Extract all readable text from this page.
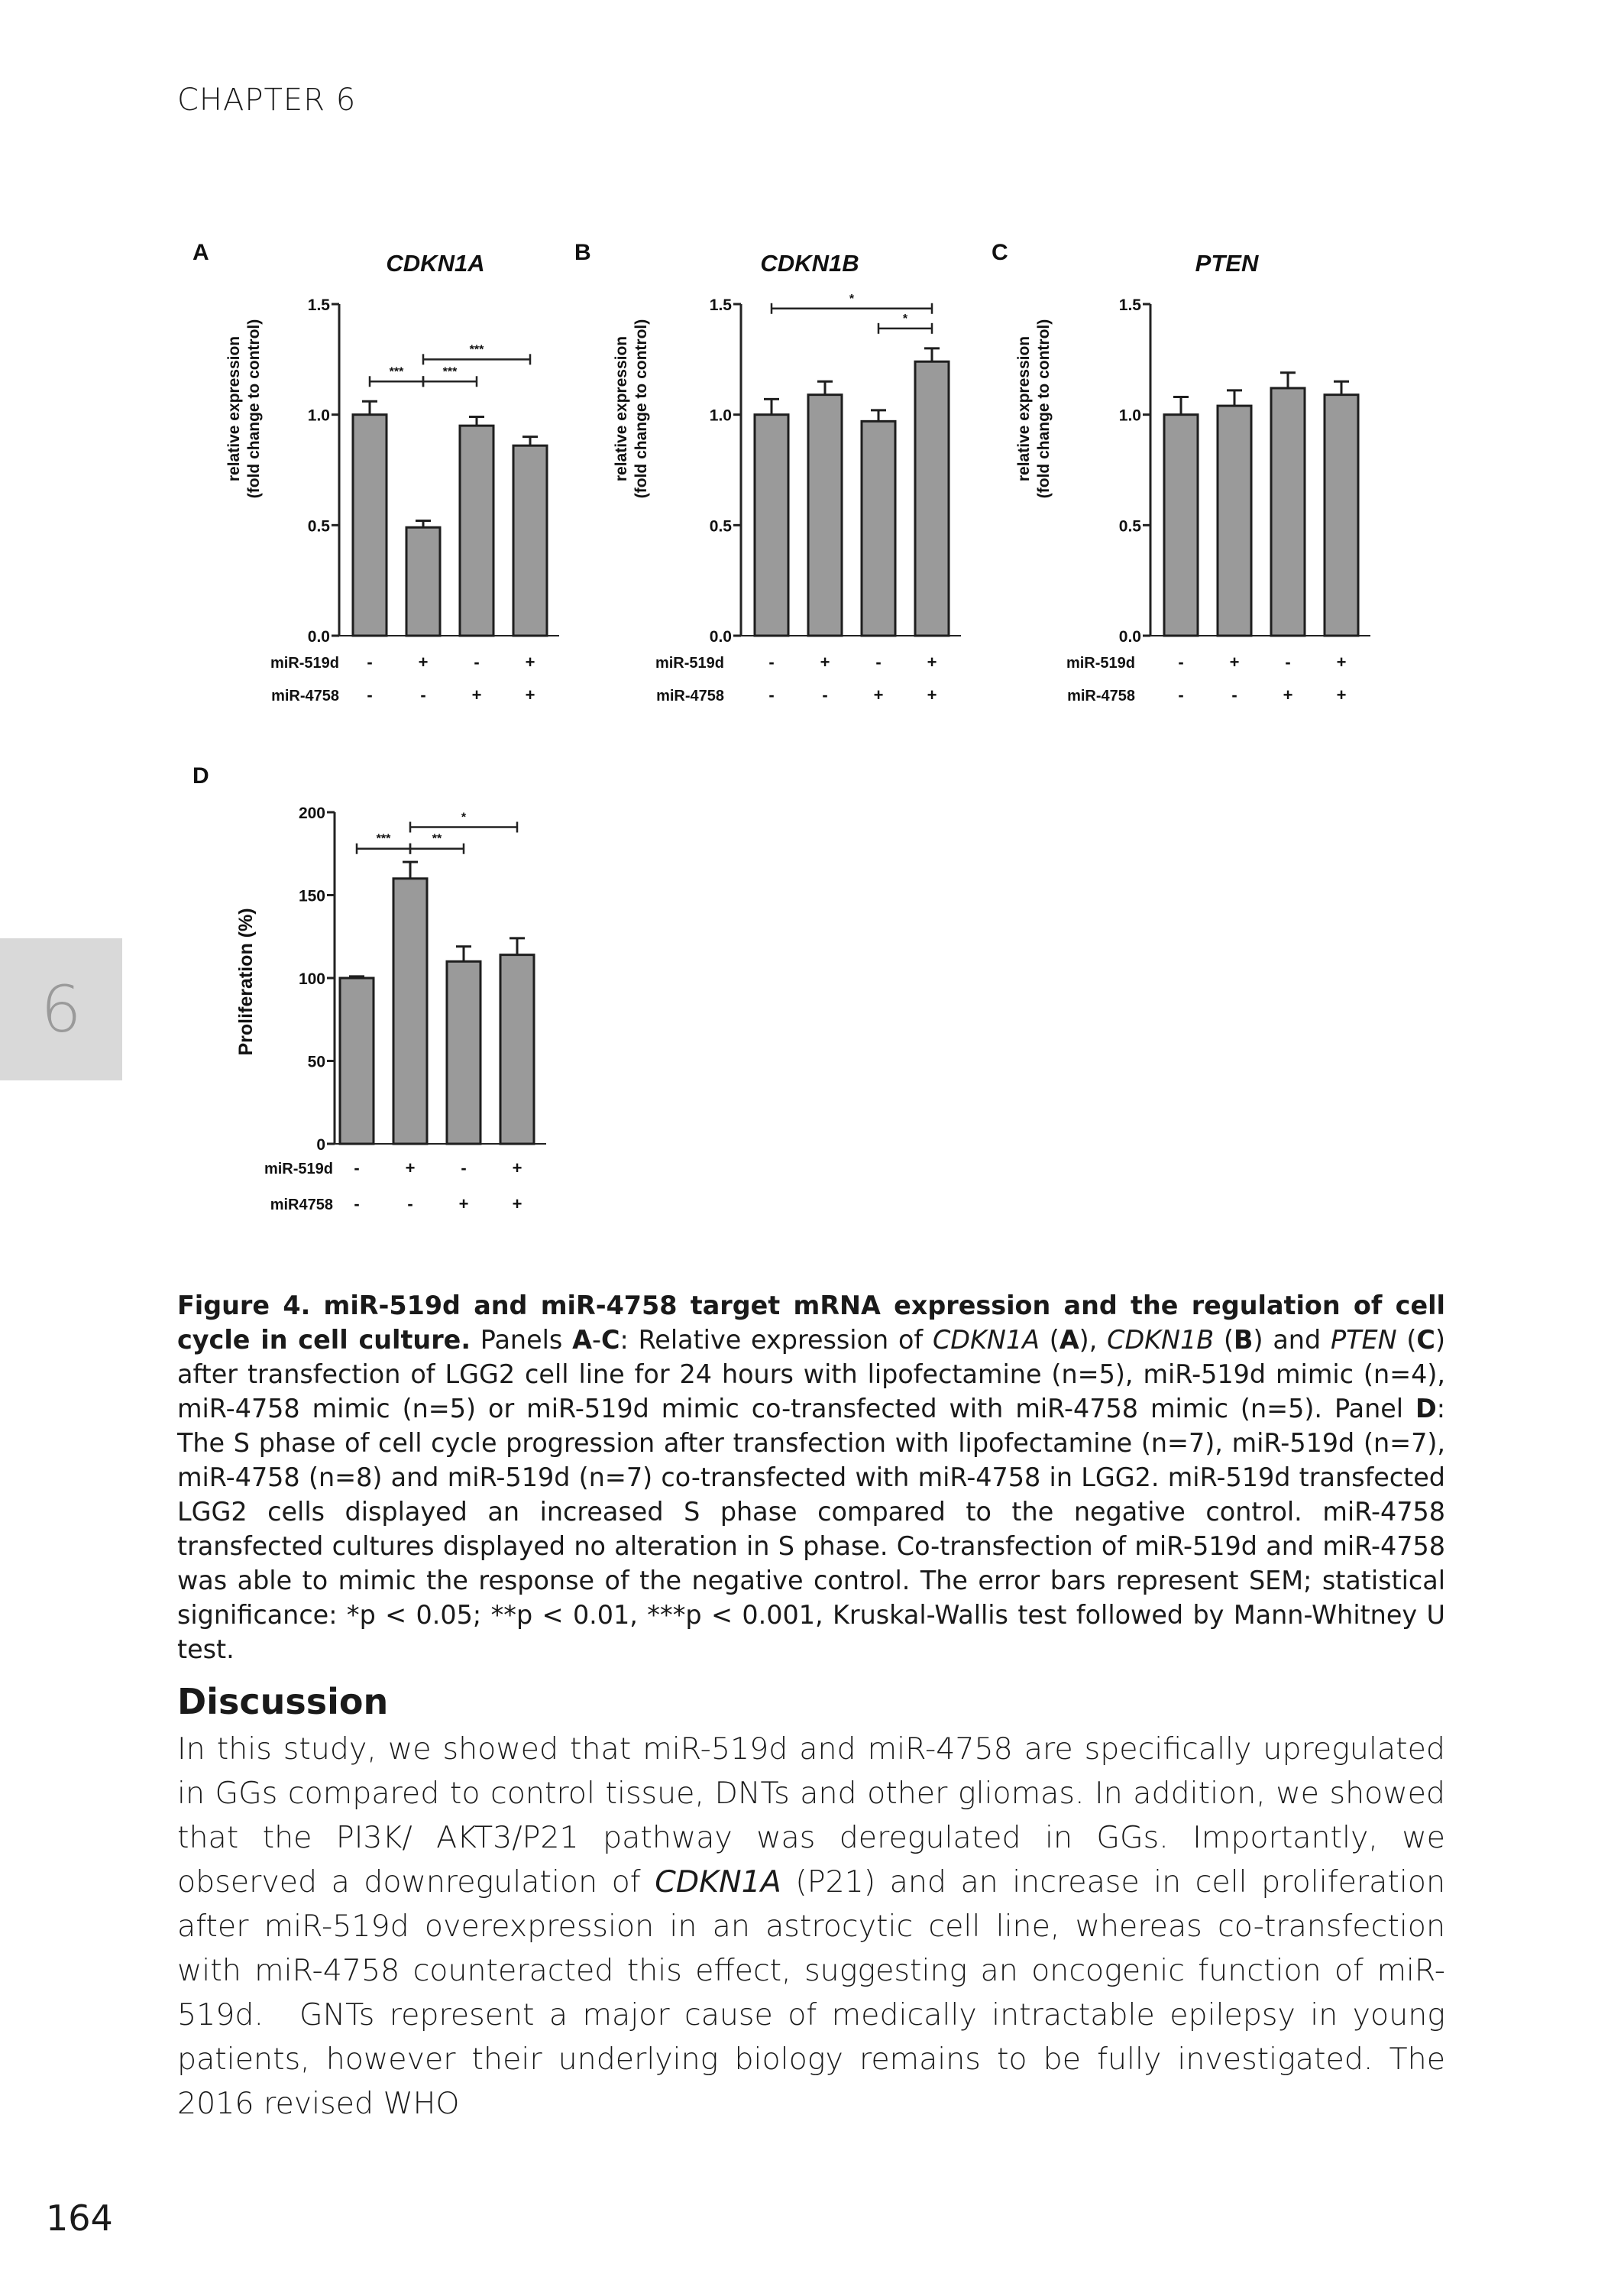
CHAPTER 6
6
A	CDKN1A
relative expression (fold change to control)
miR-519d
miR-4758
0.0
0.5
1.0
1.5
-
-
+
-
-
+
+
+
***	***
***
B	CDKN1B
relative expression (fold change to control)
miR-519d
miR-4758
0.0
0.5
1.0
1.5
-
-
+
-
-
+
+
+
*
*
C	PTEN
relative expression (fold change to control)
miR-519d
miR-4758
0.0
0.5
1.0
1.5
-
-
+
-
-
+
+
+
D
Proliferation (%)
miR-519d
miR4758
0
50
100
150
200
-
-
+
-
-
+
+
+
***	**
*
Figure 4. miR-519d and miR-4758 target mRNA expression and the regulation of cell cycle in cell culture. Panels A-C: Relative expression of CDKN1A (A), CDKN1B (B) and PTEN (C) after transfection of LGG2 cell line for 24 hours with lipofectamine (n=5), miR-519d mimic (n=4), miR-4758 mimic (n=5) or miR-519d mimic co-transfected with miR-4758 mimic (n=5). Panel D: The S phase of cell cycle progression after transfection with lipofectamine (n=7), miR-519d (n=7), miR-4758 (n=8) and miR-519d (n=7) co-transfected with miR-4758 in LGG2. miR-519d transfected LGG2 cells displayed an increased S phase compared to the negative control. miR-4758 transfected cultures displayed no alteration in S phase. Co-transfection of miR-519d and miR-4758 was able to mimic the response of the negative control. The error bars represent SEM; statistical significance: *p < 0.05; **p < 0.01, ***p < 0.001, Kruskal-Wallis test followed by Mann-Whitney U test.
Discussion
In this study, we showed that miR-519d and miR-4758 are specifically upregulated in GGs compared to control tissue, DNTs and other gliomas. In addition, we showed that the PI3K/ AKT3/P21 pathway was deregulated in GGs. Importantly, we observed a downregulation of CDKN1A (P21) and an increase in cell proliferation after miR-519d overexpression in an astrocytic cell line, whereas co-transfection with miR-4758 counteracted this effect, suggesting an oncogenic function of miR-519d.	GNTs represent a major cause of medically intractable epilepsy in young patients, however their underlying biology remains to be fully investigated. The 2016 revised WHO
164
